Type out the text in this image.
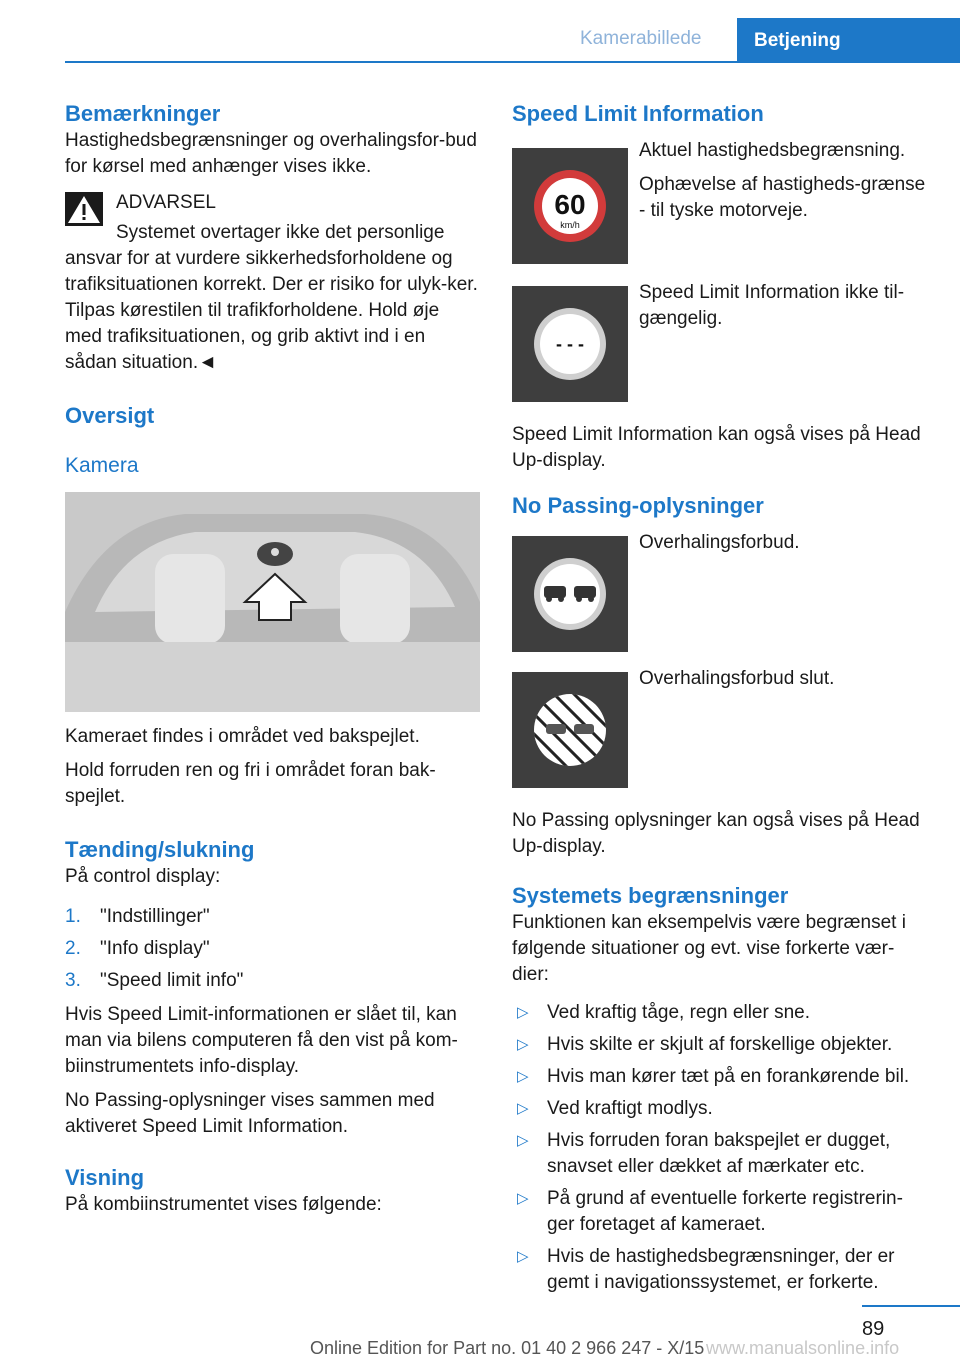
Kamerabillede	Betjening
Bemærkninger

Hastighedsbegrænsninger og overhalingsfor-bud for kørsel med anhænger vises ikke.

ADVARSEL

Systemet overtager ikke det personlige ansvar for at vurdere sikkerhedsforholdene og trafiksituationen korrekt. Der er risiko for ulyk-ker. Tilpas kørestilen til trafikforholdene. Hold øje med trafiksituationen, og grib aktivt ind i en sådan situation.◄

Oversigt
Kamera

Kameraet findes i området ved bakspejlet.

Hold forruden ren og fri i området foran bak-spejlet.

Tænding/slukning

På control display:

1. "Indstillinger"
2. "Info display"
3. "Speed limit info"

Hvis Speed Limit-informationen er slået til, kan man via bilens computeren få den vist på kom-biinstrumentets info-display.

No Passing-oplysninger vises sammen med aktiveret Speed Limit Information.

Visning

På kombiinstrumentet vises følgende:

Speed Limit Information
60
km/h

Aktuel hastighedsbegrænsning.

Ophævelse af hastigheds-grænse - til tyske motorveje.

- - -

Speed Limit Information ikke til-gængelig.

Speed Limit Information kan også vises på Head Up-display.

No Passing-oplysninger

Overhalingsforbud.

Overhalingsforbud slut.

No Passing oplysninger kan også vises på Head Up-display.

Systemets begrænsninger

Funktionen kan eksempelvis være begrænset i følgende situationer og evt. vise forkerte vær-dier:

▷ Ved kraftig tåge, regn eller sne.
▷ Hvis skilte er skjult af forskellige objekter.
▷ Hvis man kører tæt på en forankørende bil.
▷ Ved kraftigt modlys.
▷ Hvis forruden foran bakspejlet er dugget, snavset eller dækket af mærkater etc.
▷ På grund af eventuelle forkerte registrerin-ger foretaget af kameraet.
▷ Hvis de hastighedsbegrænsninger, der er gemt i navigationssystemet, er forkerte.
89
Online Edition for Part no. 01 40 2 966 247 - X/15 www.manualsonline.info
